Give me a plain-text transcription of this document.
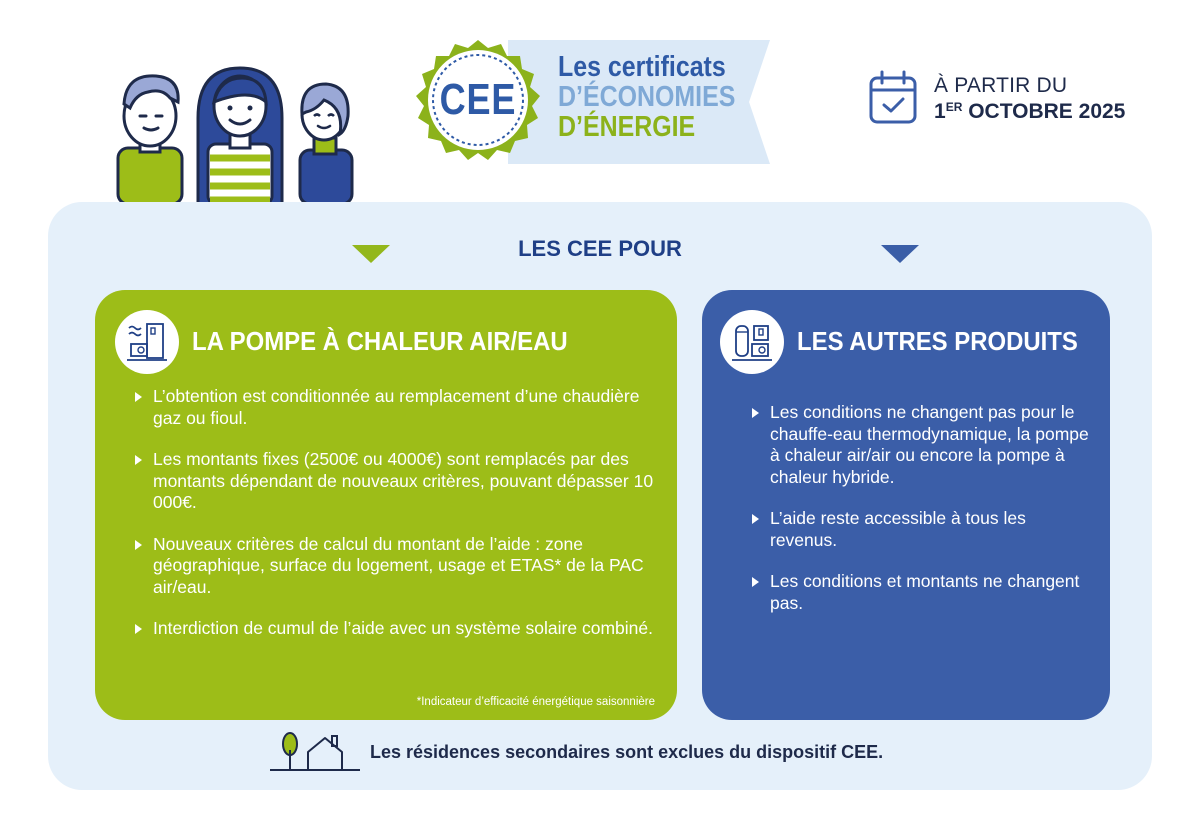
CEE
Les certificats
D’ÉCONOMIES
D’ÉNERGIE
À PARTIR DU
1ER OCTOBRE 2025
LES CEE POUR
LA POMPE À CHALEUR AIR/EAU
L’obtention est conditionnée au remplacement d’une chaudière gaz ou fioul.
Les montants fixes (2500€ ou 4000€) sont remplacés par des montants dépendant de nouveaux critères, pouvant dépasser 10 000€.
Nouveaux critères de calcul du montant de l’aide : zone géographique, surface du logement, usage et ETAS* de la PAC air/eau.
Interdiction de cumul de l’aide avec un système solaire combiné.
*Indicateur d’efficacité énergétique saisonnière
LES AUTRES PRODUITS
Les conditions ne changent pas pour le chauffe-eau thermodynamique, la pompe à chaleur air/air ou encore la pompe à chaleur hybride.
L’aide reste accessible à tous les revenus.
Les conditions et montants ne changent pas.
Les résidences secondaires sont exclues du dispositif CEE.
